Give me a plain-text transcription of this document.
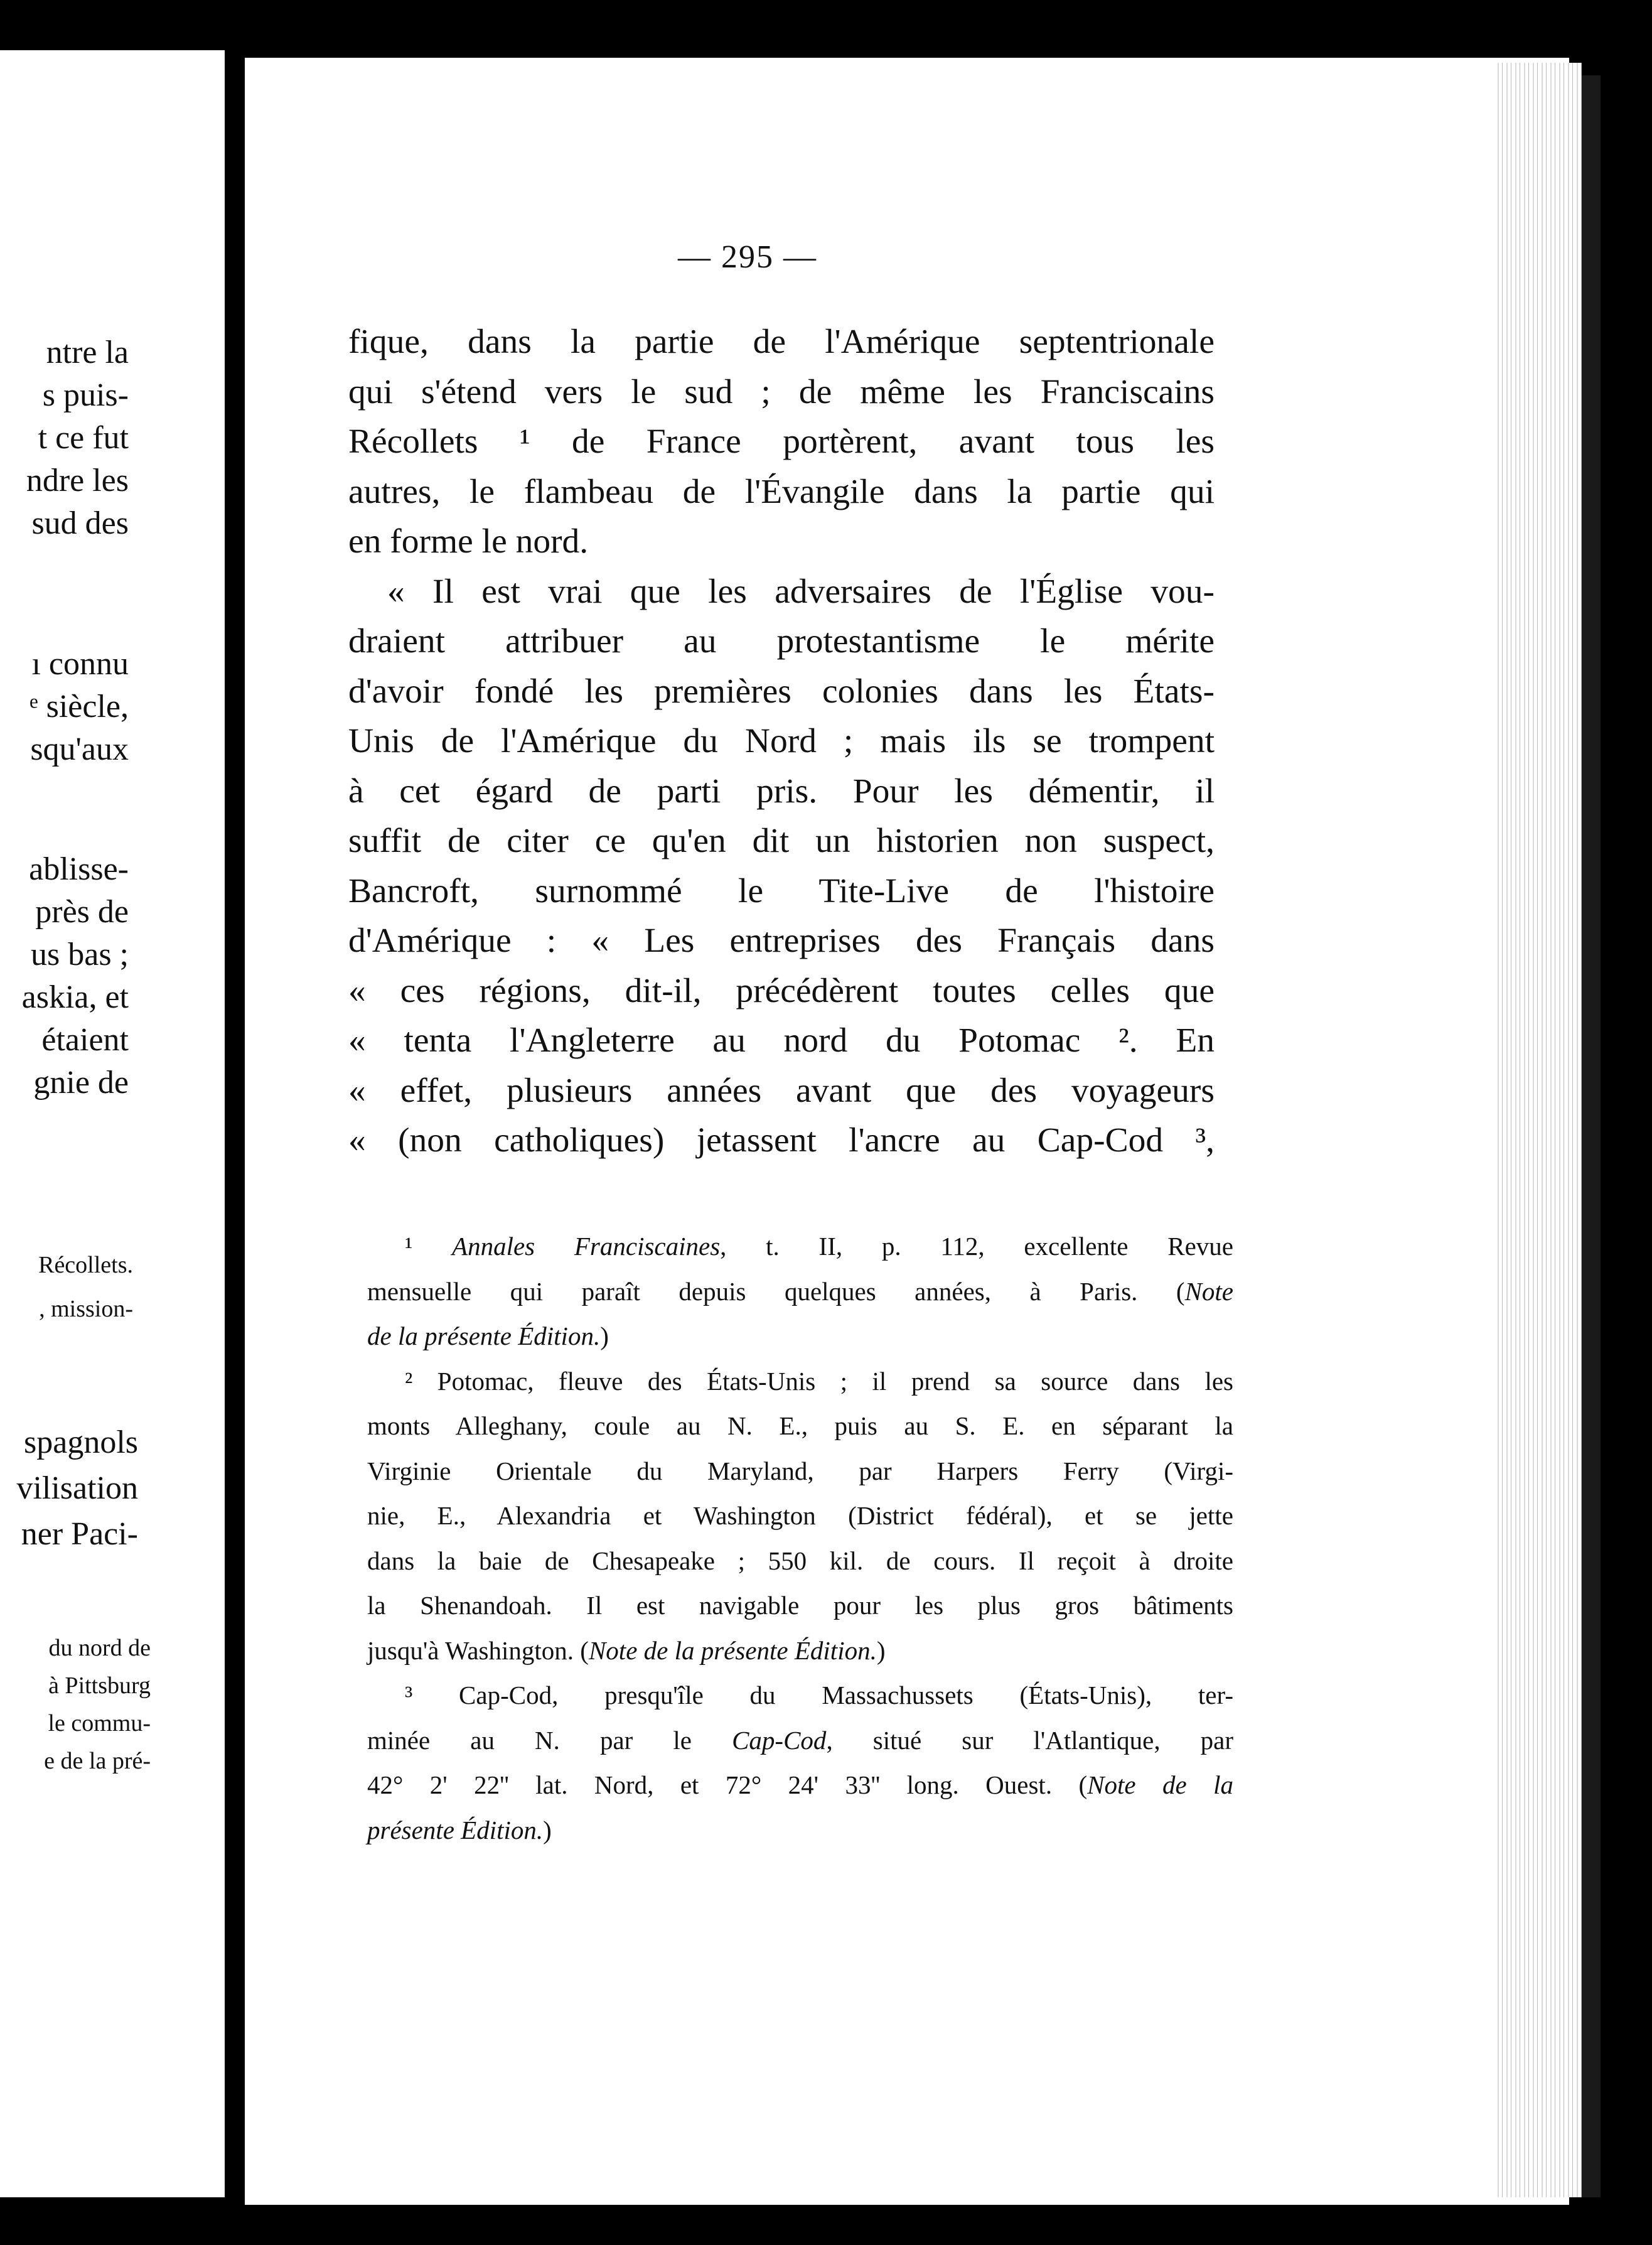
ntre la
s puis-
t ce fut
ndre les
sud des
ı connu
ᵉ siècle,
squ'aux
ablisse-
près de
us bas ;
askia, et
étaient
gnie de
Récollets.
, mission-
spagnols
vilisation
ner Paci-
du nord de
à Pittsburg
le commu-
e de la pré-
— 295 —
fique, dans la partie de l'Amérique septentrionale
qui s'étend vers le sud ; de même les Franciscains
Récollets ¹ de France portèrent, avant tous les
autres, le flambeau de l'Évangile dans la partie qui
en forme le nord.
« Il est vrai que les adversaires de l'Église vou-
draient attribuer au protestantisme le mérite
d'avoir fondé les premières colonies dans les États-
Unis de l'Amérique du Nord ; mais ils se trompent
à cet égard de parti pris. Pour les démentir, il
suffit de citer ce qu'en dit un historien non suspect,
Bancroft, surnommé le Tite-Live de l'histoire
d'Amérique : « Les entreprises des Français dans
« ces régions, dit-il, précédèrent toutes celles que
« tenta l'Angleterre au nord du Potomac ². En
« effet, plusieurs années avant que des voyageurs
« (non catholiques) jetassent l'ancre au Cap-Cod ³,
¹ Annales Franciscaines, t. II, p. 112, excellente Revue
mensuelle qui paraît depuis quelques années, à Paris. (Note
de la présente Édition.)
² Potomac, fleuve des États-Unis ; il prend sa source dans les
monts Alleghany, coule au N. E., puis au S. E. en séparant la
Virginie Orientale du Maryland, par Harpers Ferry (Virgi-
nie, E., Alexandria et Washington (District fédéral), et se jette
dans la baie de Chesapeake ; 550 kil. de cours. Il reçoit à droite
la Shenandoah. Il est navigable pour les plus gros bâtiments
jusqu'à Washington. (Note de la présente Édition.)
³ Cap-Cod, presqu'île du Massachussets (États-Unis), ter-
minée au N. par le Cap-Cod, situé sur l'Atlantique, par
42° 2' 22'' lat. Nord, et 72° 24' 33'' long. Ouest. (Note de la
présente Édition.)
